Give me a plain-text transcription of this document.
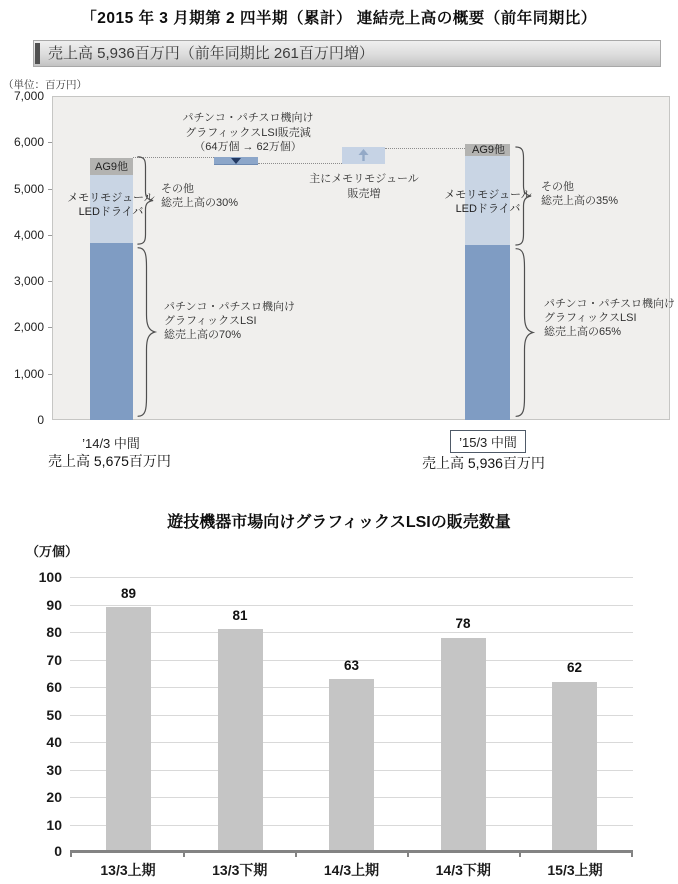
「2015 年 3 月期第 2 四半期（累計） 連結売上高の概要（前年同期比）
売上高 5,936百万円（前年同期比 261百万円増）
（単位：百万円）
7,000
6,000
5,000
4,000
3,000
2,000
1,000
0
AG9他
メモリモジュール
LEDドライバ
AG9他
メモリモジュール
LEDドライバ
パチンコ・パチスロ機向け
グラフィックスLSI販売減
（64万個 → 62万個）
主にメモリモジュール
販売増
その他
総売上高の30%
パチンコ・パチスロ機向け
グラフィックスLSI
総売上高の70%
その他
総売上高の35%
パチンコ・パチスロ機向け
グラフィックスLSI
総売上高の65%
’14/3 中間	’15/3 中間
売上高 5,675百万円	売上高 5,936百万円
遊技機器市場向けグラフィックスLSIの販売数量
（万個）
100
90
80
70
60
50
40
30
20
10
0
89
81
63
78
62
13/3上期	13/3下期	14/3上期	14/3下期	15/3上期
